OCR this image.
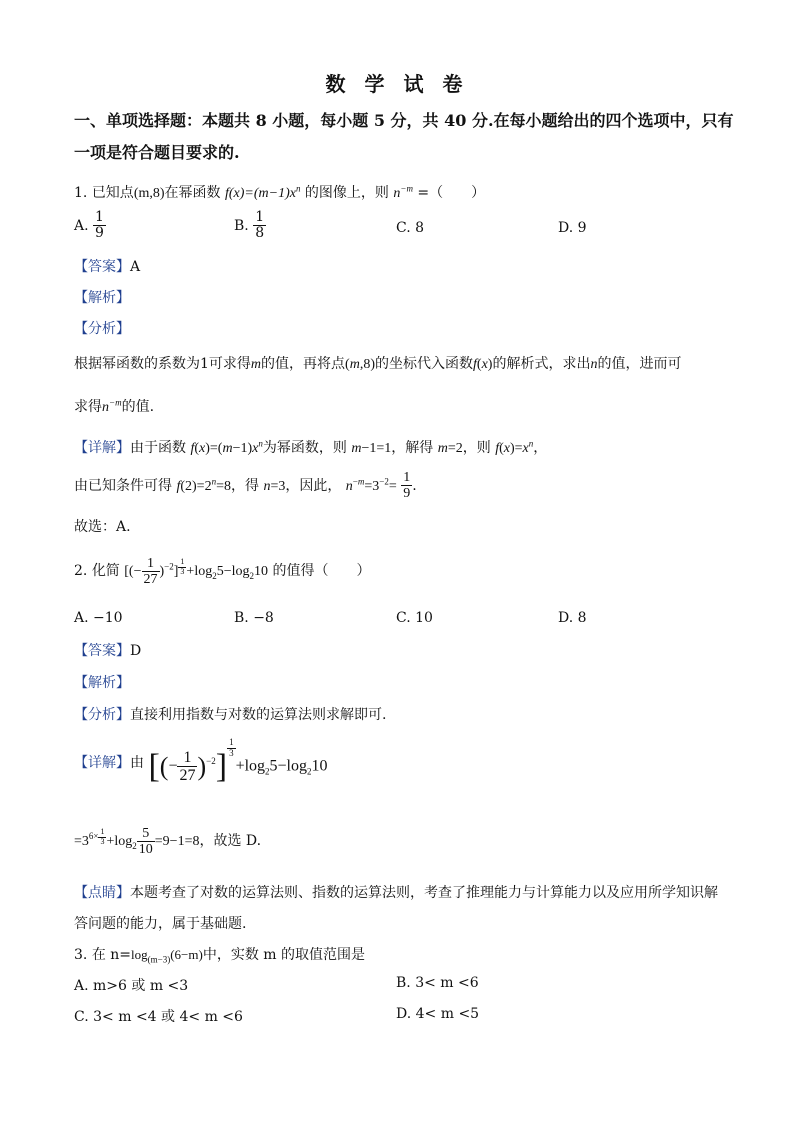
数 学 试 卷
一、单项选择题：本题共 8 小题，每小题 5 分，共 40 分.在每小题给出的四个选项中，只有
一项是符合题目要求的.
1. 已知点(m,8)在幂函数 $f(x)=(m-1)x^n$ 的图像上，则 $n^{-m}$ =（　　）
A. $\frac{1}{9}$	B. $\frac{1}{8}$	C. 8	D. 9
【答案】A
【解析】
【分析】
根据幂函数的系数为1可求得m的值，再将点(m,8)的坐标代入函数f(x)的解析式，求出n的值，进而可
求得$n^{-m}$的值.
【详解】由于函数 $f(x)=(m-1)x^n$为幂函数，则 m−1=1，解得 m=2，则 $f(x)=x^n$，
由已知条件可得 $f(2)=2^n=8$，得 n=3，因此， $n^{-m}=3^{-2}= \frac{1}{9}$ .
故选：A.
2. 化简 [(− $\frac{1}{27} )^{-2}$] $^{\frac{1}{3}} +\log_25-\log_210$ 的值得（　　）
A. −10	B. −8	C. 10	D. 8
【答案】D
【解析】
【分析】直接利用指数与对数的运算法则求解即可.
【详解】由 [(− $\frac{1}{27} )^{-2}$] $^{\frac{1}{3}}$
$+\log_25-\log_210$
$=3^{6\times \frac{1}{3}} +\log_2 \frac{5}{10} =9-1=8$，故选 D.
【点睛】本题考查了对数的运算法则、指数的运算法则，考查了推理能力与计算能力以及应用所学知识解
答问题的能力，属于基础题.
3. 在 $n=\log_{(m-3)}(6-m)$中，实数 m 的取值范围是
A. m>6 或 m <3	B. 3< m <6
C. 3< m <4 或 4< m <6	D. 4< m <5
